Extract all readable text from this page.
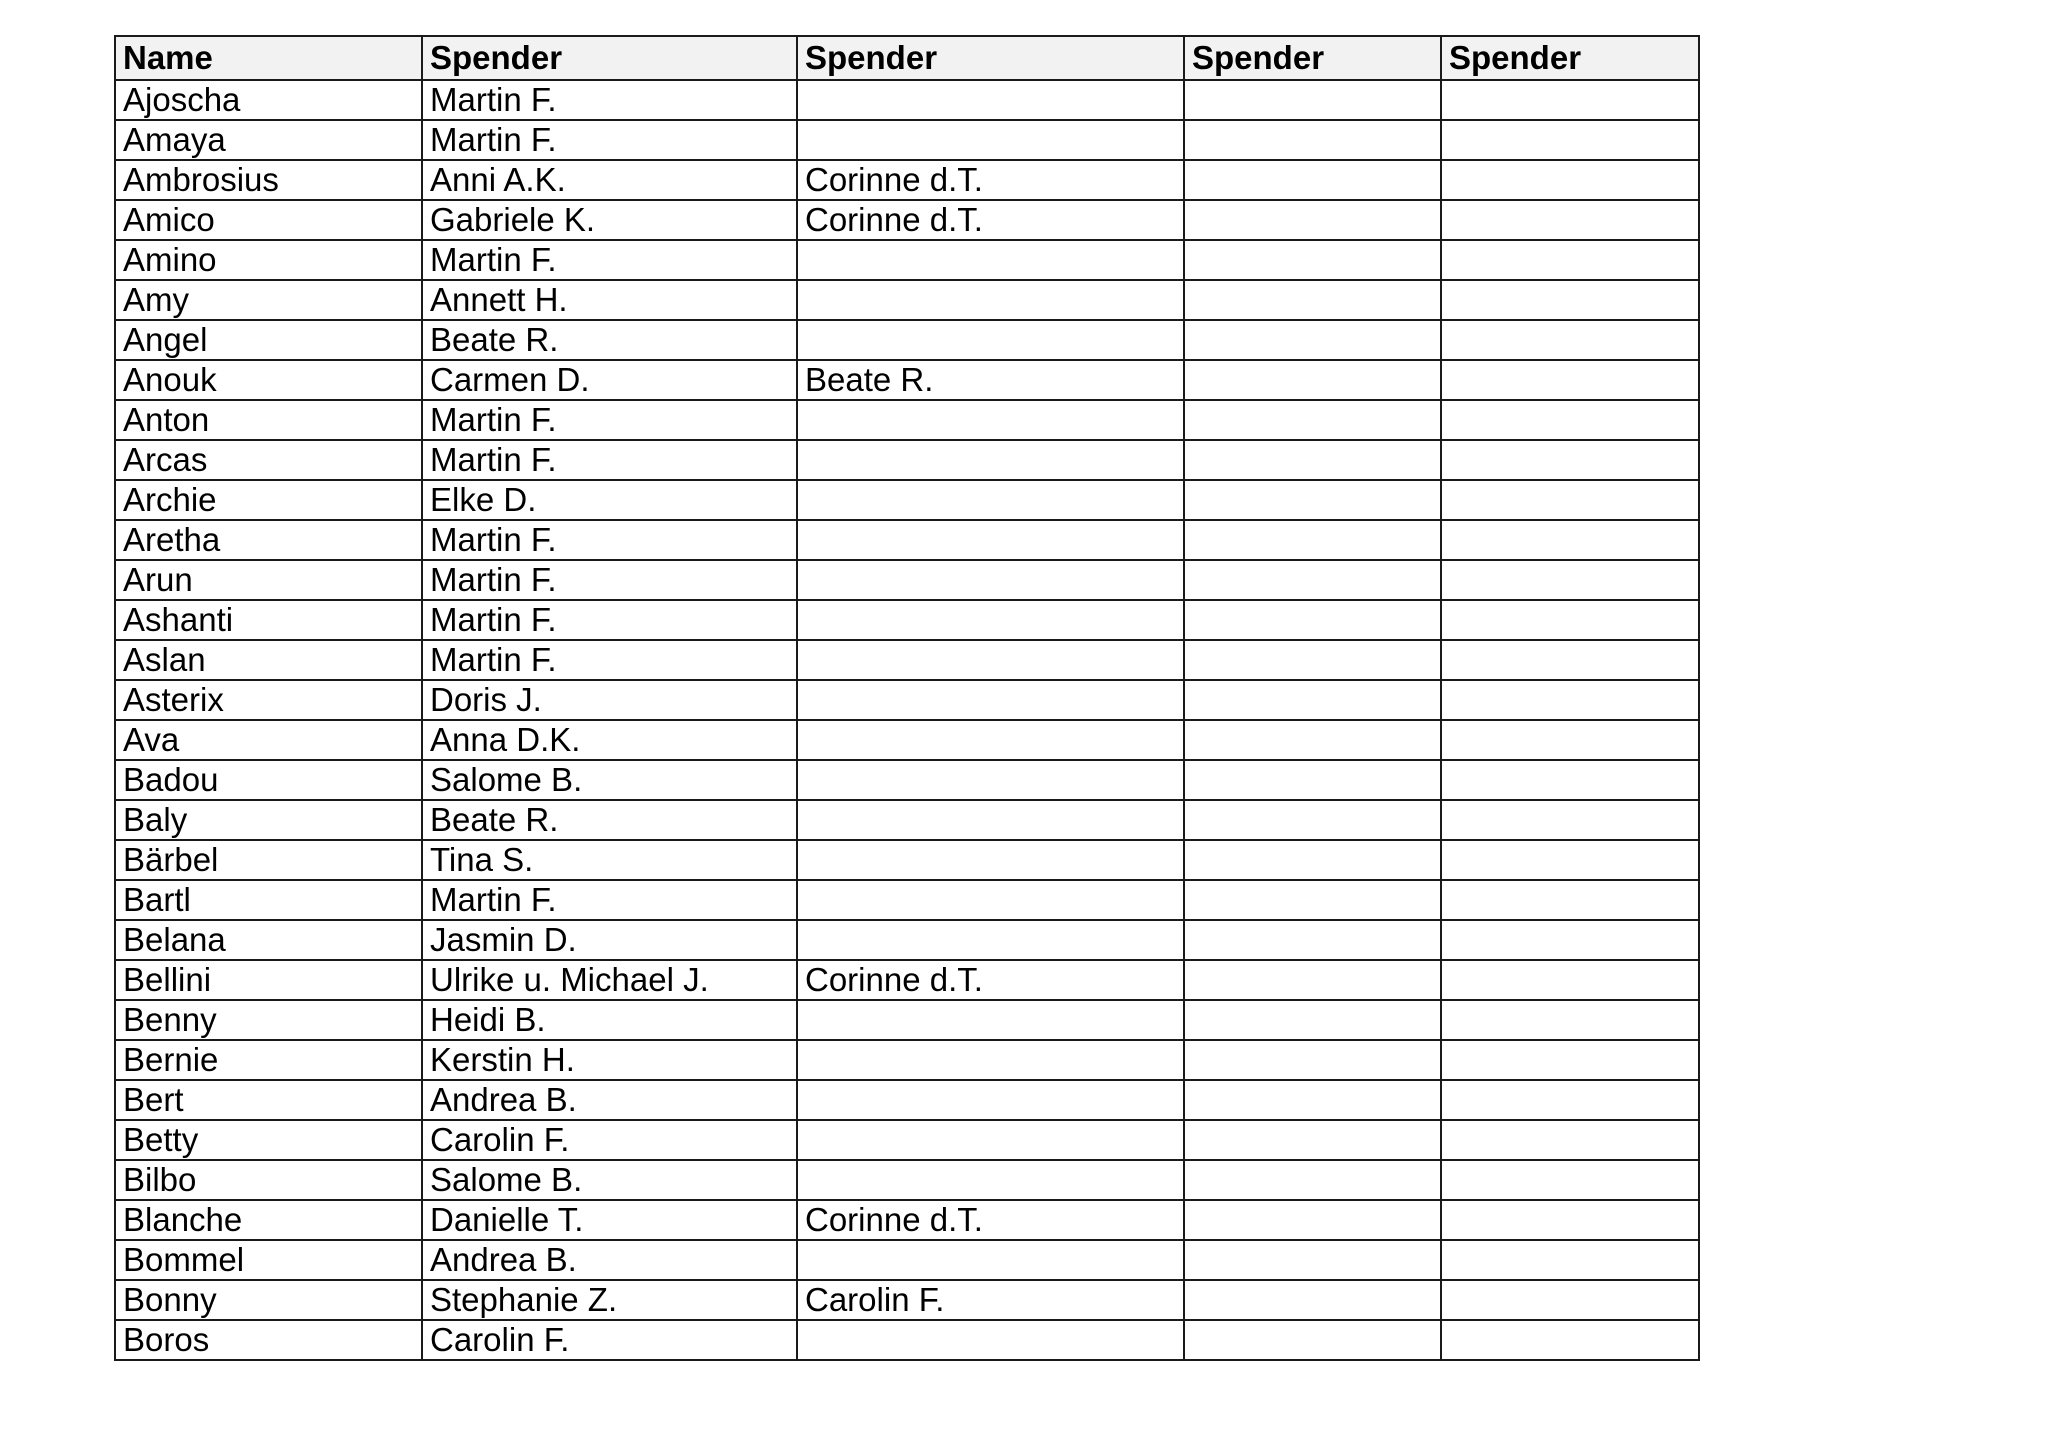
Name	Spender	Spender	Spender	Spender
Ajoscha	Martin F.			
Amaya	Martin F.			
Ambrosius	Anni A.K.	Corinne d.T.		
Amico	Gabriele K.	Corinne d.T.		
Amino	Martin F.			
Amy	Annett H.			
Angel	Beate R.			
Anouk	Carmen D.	Beate R.		
Anton	Martin F.			
Arcas	Martin F.			
Archie	Elke D.			
Aretha	Martin F.			
Arun	Martin F.			
Ashanti	Martin F.			
Aslan	Martin F.			
Asterix	Doris J.			
Ava	Anna D.K.			
Badou	Salome B.			
Baly	Beate R.			
Bärbel	Tina S.			
Bartl	Martin F.			
Belana	Jasmin D.			
Bellini	Ulrike u. Michael J.	Corinne d.T.		
Benny	Heidi B.			
Bernie	Kerstin H.			
Bert	Andrea B.			
Betty	Carolin F.			
Bilbo	Salome B.			
Blanche	Danielle T.	Corinne d.T.		
Bommel	Andrea B.			
Bonny	Stephanie Z.	Carolin F.		
Boros	Carolin F.			
